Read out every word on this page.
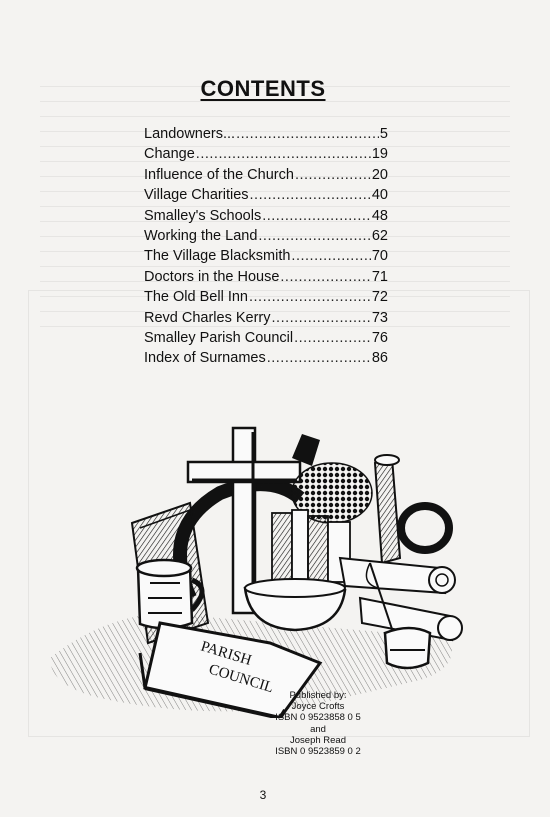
CONTENTS
Landowners... .....	5
Change .....	19
Influence of the Church .....	20
Village Charities .....	40
Smalley's Schools .....	48
Working the Land .....	62
The Village Blacksmith .....	70
Doctors in the House .....	71
The Old Bell Inn .....	72
Revd Charles Kerry .....	73
Smalley Parish Council .....	76
Index of Surnames .....	86
PARISH
COUNCIL	Published by:
Joyce Crofts
ISBN 0 9523858 0 5
and
Joseph Read
ISBN 0 9523859 0 2
3
